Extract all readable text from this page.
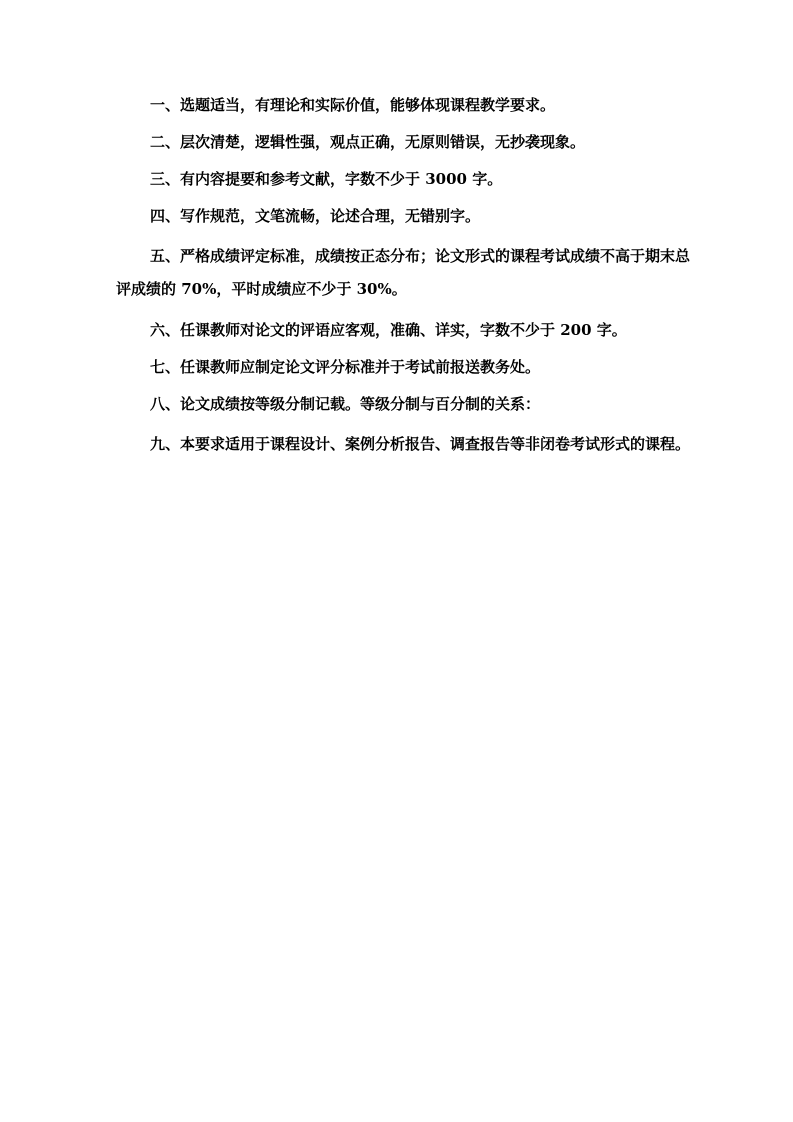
一、选题适当，有理论和实际价值，能够体现课程教学要求。

二、层次清楚，逻辑性强，观点正确，无原则错误，无抄袭现象。

三、有内容提要和参考文献，字数不少于 3000 字。

四、写作规范，文笔流畅，论述合理，无错别字。

五、严格成绩评定标准，成绩按正态分布；论文形式的课程考试成绩不高于期末总评成绩的 70%，平时成绩应不少于 30%。

六、任课教师对论文的评语应客观，准确、详实，字数不少于 200 字。

七、任课教师应制定论文评分标准并于考试前报送教务处。

八、论文成绩按等级分制记载。等级分制与百分制的关系：

九、本要求适用于课程设计、案例分析报告、调查报告等非闭卷考试形式的课程。
